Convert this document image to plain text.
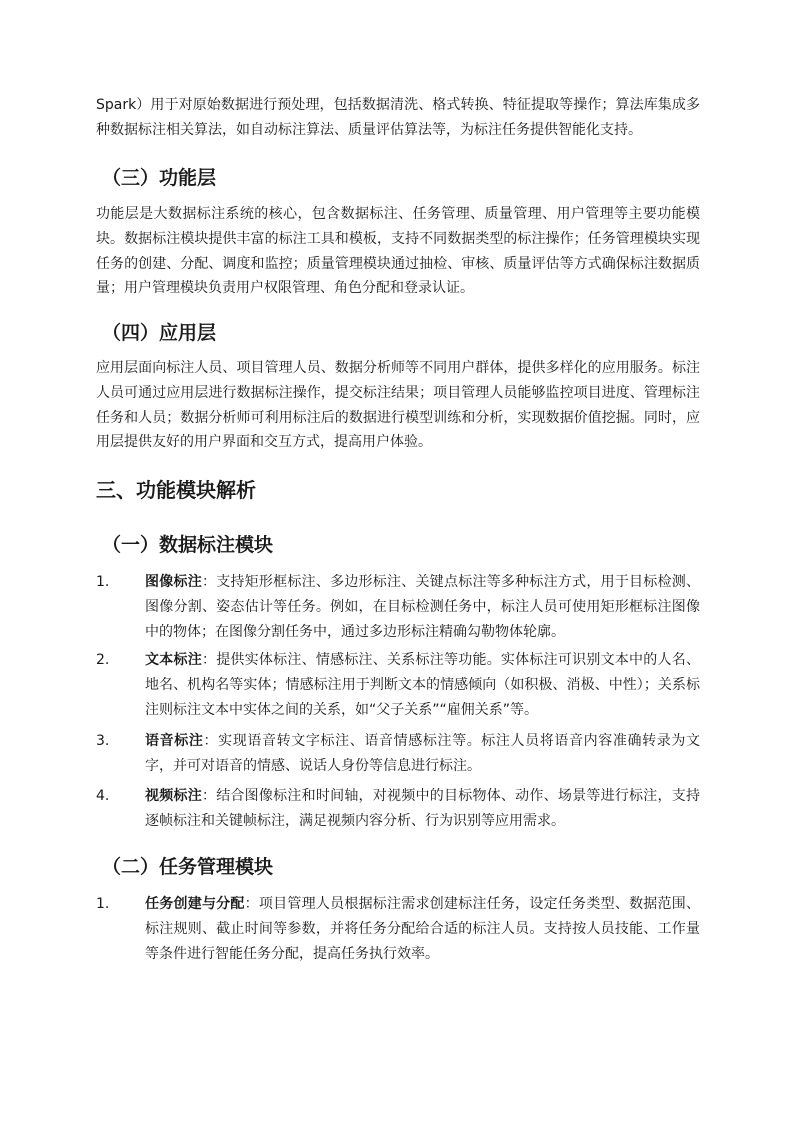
Spark）用于对原始数据进行预处理，包括数据清洗、格式转换、特征提取等操作；算法库集成多种数据标注相关算法，如自动标注算法、质量评估算法等，为标注任务提供智能化支持。

（三）功能层

功能层是大数据标注系统的核心，包含数据标注、任务管理、质量管理、用户管理等主要功能模块。数据标注模块提供丰富的标注工具和模板，支持不同数据类型的标注操作；任务管理模块实现任务的创建、分配、调度和监控；质量管理模块通过抽检、审核、质量评估等方式确保标注数据质量；用户管理模块负责用户权限管理、角色分配和登录认证。

（四）应用层

应用层面向标注人员、项目管理人员、数据分析师等不同用户群体，提供多样化的应用服务。标注人员可通过应用层进行数据标注操作，提交标注结果；项目管理人员能够监控项目进度、管理标注任务和人员；数据分析师可利用标注后的数据进行模型训练和分析，实现数据价值挖掘。同时，应用层提供友好的用户界面和交互方式，提高用户体验。

三、功能模块解析
（一）数据标注模块
1.	图像标注：支持矩形框标注、多边形标注、关键点标注等多种标注方式，用于目标检测、图像分割、姿态估计等任务。例如，在目标检测任务中，标注人员可使用矩形框标注图像中的物体；在图像分割任务中，通过多边形标注精确勾勒物体轮廓。
2.	文本标注：提供实体标注、情感标注、关系标注等功能。实体标注可识别文本中的人名、地名、机构名等实体；情感标注用于判断文本的情感倾向（如积极、消极、中性）；关系标注则标注文本中实体之间的关系，如“父子关系”“雇佣关系”等。
3.	语音标注：实现语音转文字标注、语音情感标注等。标注人员将语音内容准确转录为文字，并可对语音的情感、说话人身份等信息进行标注。
4.	视频标注：结合图像标注和时间轴，对视频中的目标物体、动作、场景等进行标注，支持逐帧标注和关键帧标注，满足视频内容分析、行为识别等应用需求。
（二）任务管理模块
1.	任务创建与分配：项目管理人员根据标注需求创建标注任务，设定任务类型、数据范围、标注规则、截止时间等参数，并将任务分配给合适的标注人员。支持按人员技能、工作量等条件进行智能任务分配，提高任务执行效率。
